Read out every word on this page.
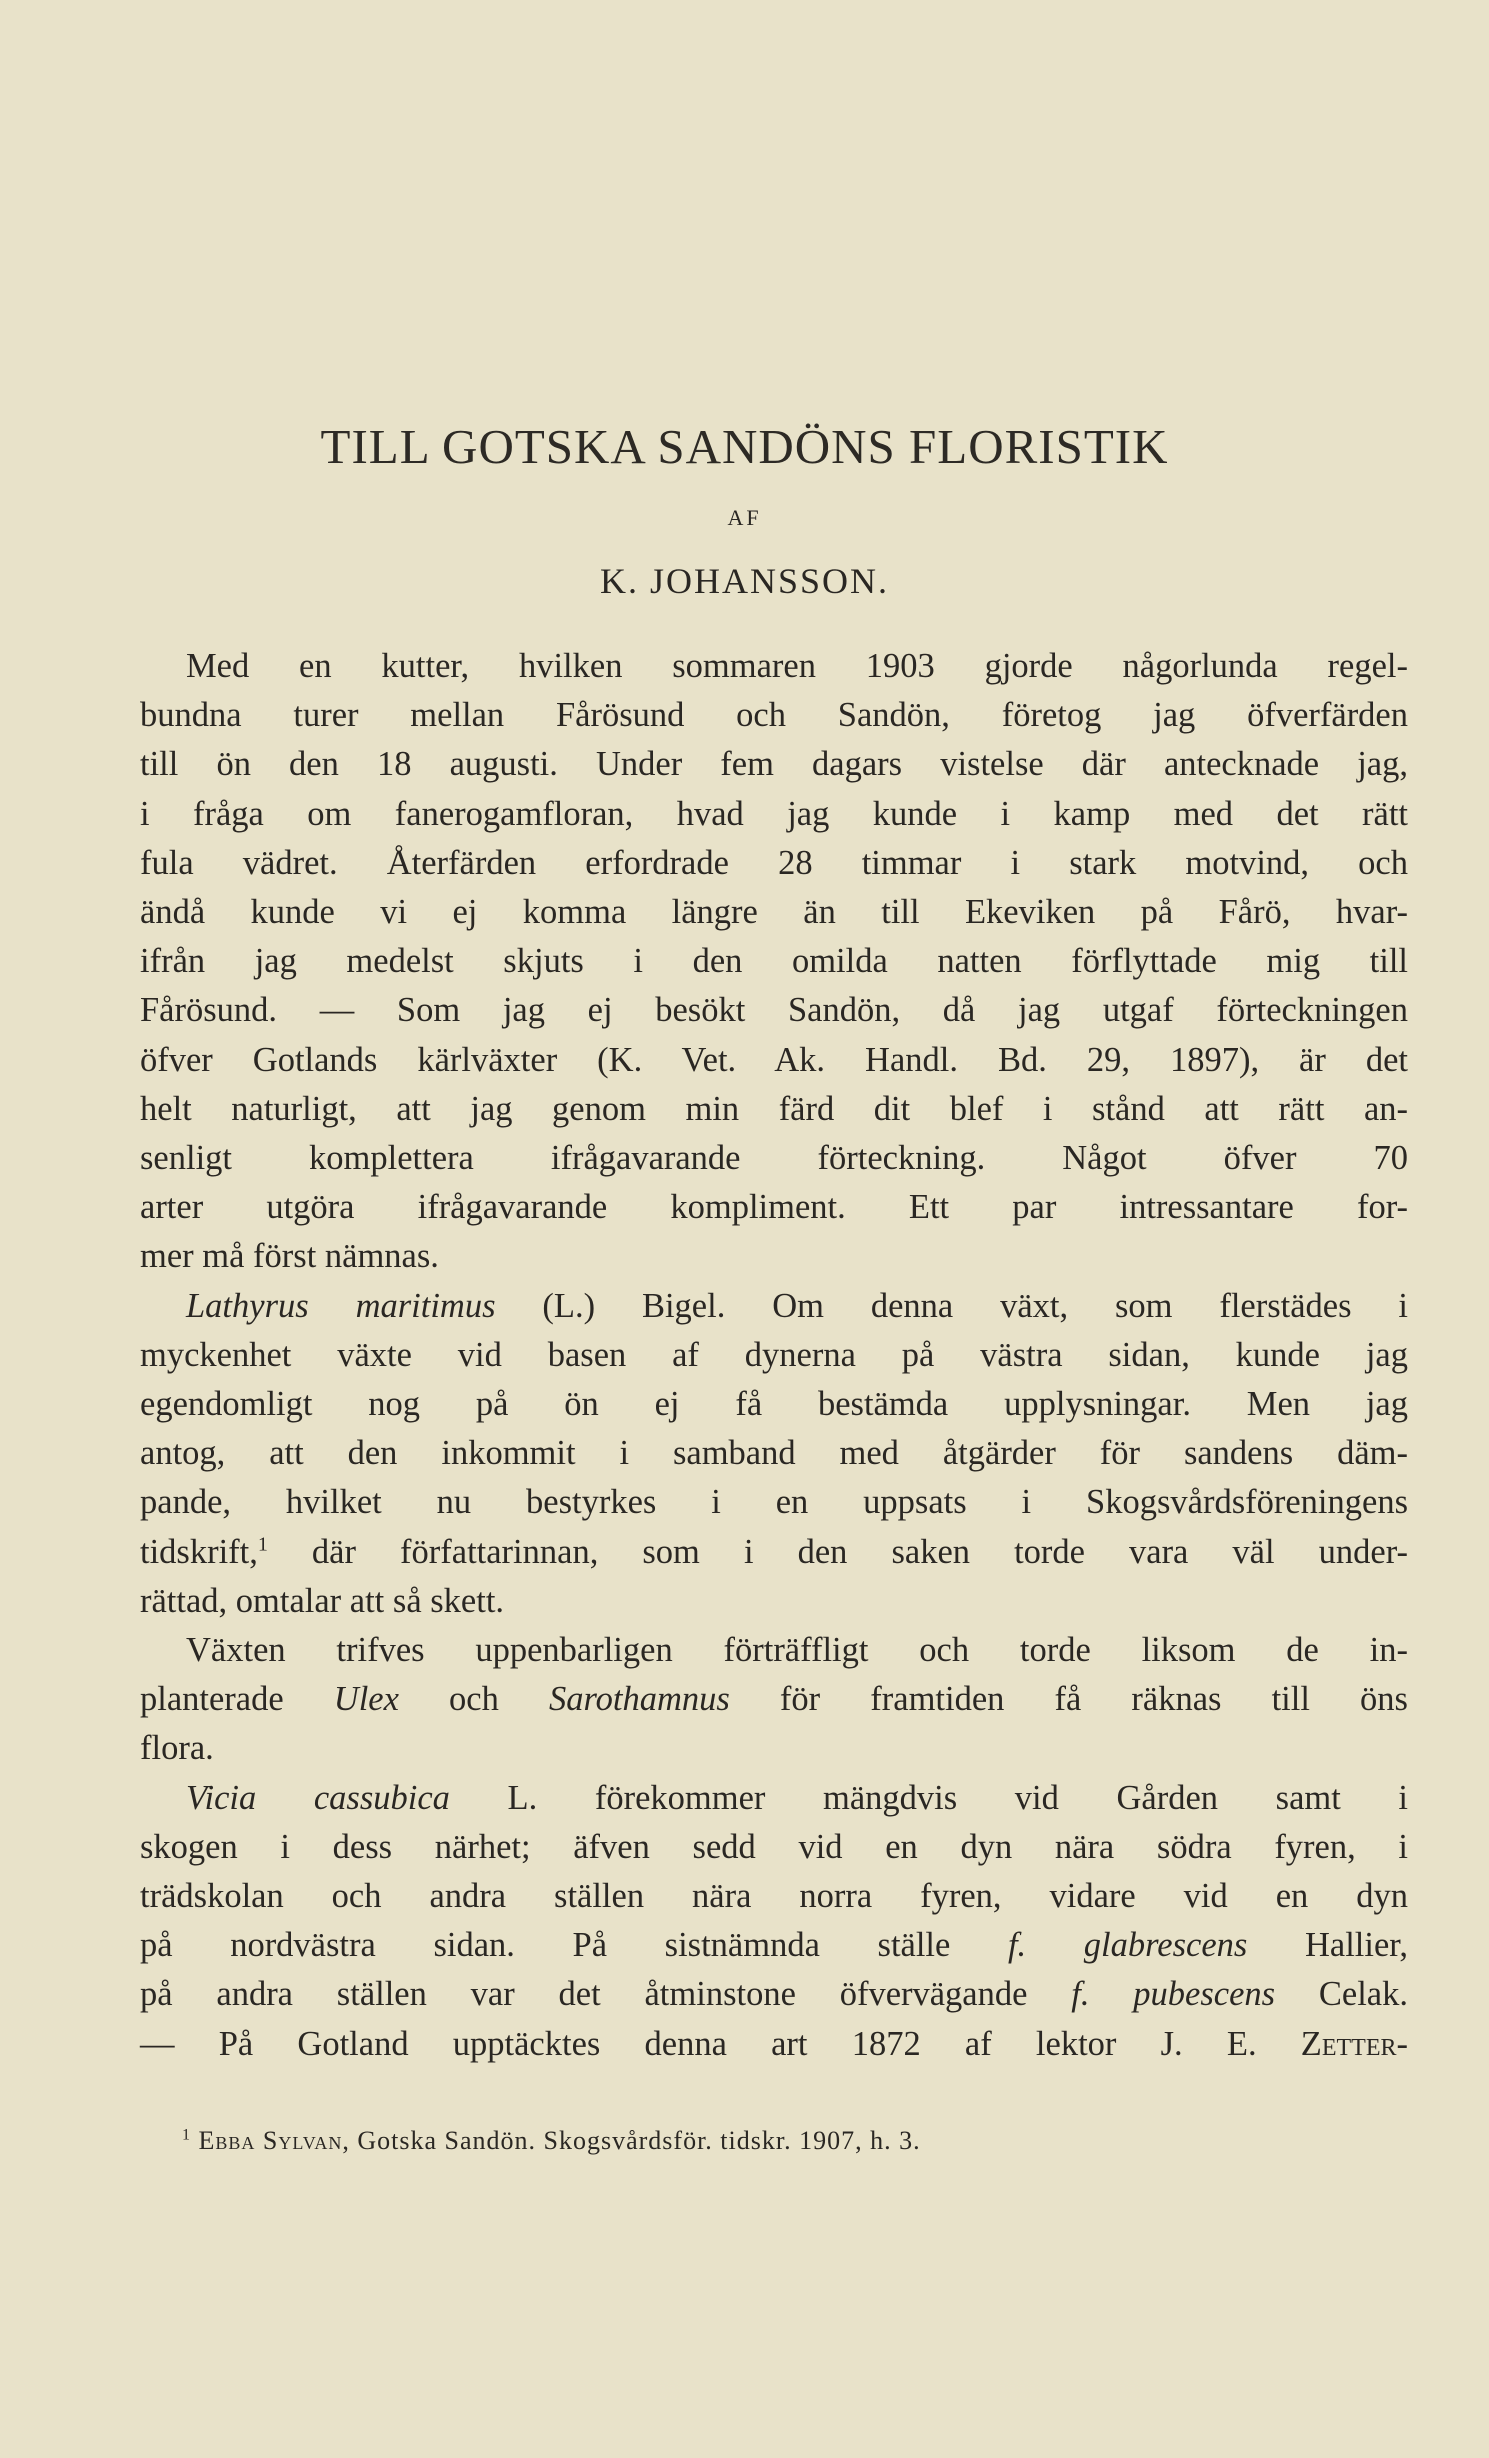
TILL GOTSKA SANDÖNS FLORISTIK
AF
K. JOHANSSON.
Med en kutter, hvilken sommaren 1903 gjorde någorlunda regel-
bundna turer mellan Fårösund och Sandön, företog jag öfverfärden
till ön den 18 augusti. Under fem dagars vistelse där antecknade jag,
i fråga om fanerogamfloran, hvad jag kunde i kamp med det rätt
fula vädret. Återfärden erfordrade 28 timmar i stark motvind, och
ändå kunde vi ej komma längre än till Ekeviken på Fårö, hvar-
ifrån jag medelst skjuts i den omilda natten förflyttade mig till
Fårösund. — Som jag ej besökt Sandön, då jag utgaf förteckningen
öfver Gotlands kärlväxter (K. Vet. Ak. Handl. Bd. 29, 1897), är det
helt naturligt, att jag genom min färd dit blef i stånd att rätt an-
senligt komplettera ifrågavarande förteckning. Något öfver 70
arter utgöra ifrågavarande kompliment. Ett par intressantare for-
mer må först nämnas.
Lathyrus maritimus (L.) Bigel. Om denna växt, som flerstädes i
myckenhet växte vid basen af dynerna på västra sidan, kunde jag
egendomligt nog på ön ej få bestämda upplysningar. Men jag
antog, att den inkommit i samband med åtgärder för sandens däm-
pande, hvilket nu bestyrkes i en uppsats i Skogsvårdsföreningens
tidskrift,$^1$ där författarinnan, som i den saken torde vara väl under-
rättad, omtalar att så skett.
Växten trifves uppenbarligen förträffligt och torde liksom de in-
planterade Ulex och Sarothamnus för framtiden få räknas till öns
flora.
Vicia cassubica L. förekommer mängdvis vid Gården samt i
skogen i dess närhet; äfven sedd vid en dyn nära södra fyren, i
trädskolan och andra ställen nära norra fyren, vidare vid en dyn
på nordvästra sidan. På sistnämnda ställe f. glabrescens Hallier,
på andra ställen var det åtminstone öfvervägande f. pubescens Celak.
— På Gotland upptäcktes denna art 1872 af lektor J. E. Zetter-
$^1$ Ebba Sylvan, Gotska Sandön. Skogsvårdsför. tidskr. 1907, h. 3.
